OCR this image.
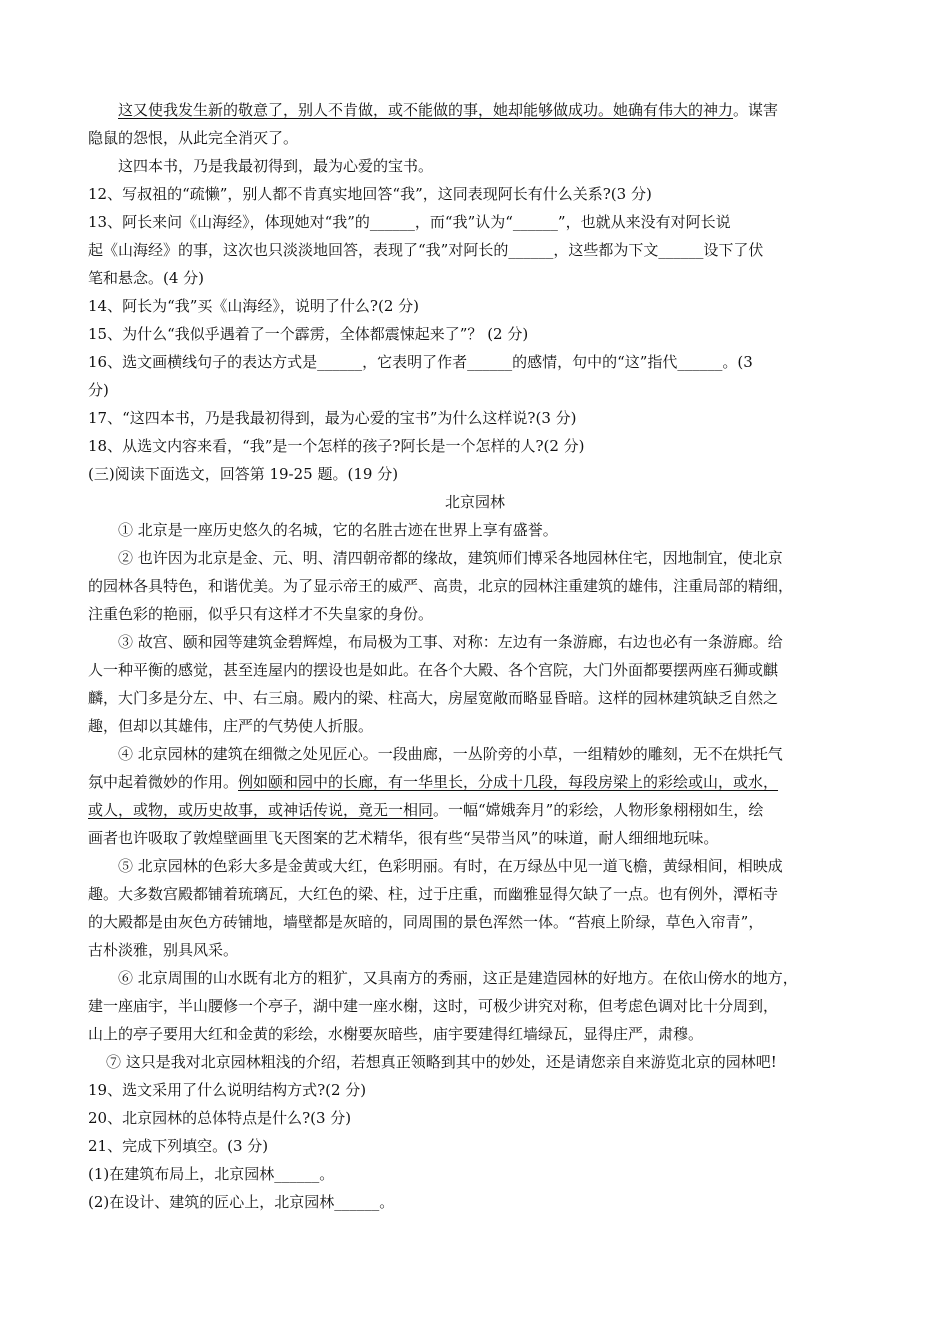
这又使我发生新的敬意了，别人不肯做，或不能做的事，她却能够做成功。她确有伟大的神力。谋害
隐鼠的怨恨，从此完全消灭了。
这四本书，乃是我最初得到，最为心爱的宝书。
12、写叔祖的“疏懒”，别人都不肯真实地回答“我”，这同表现阿长有什么关系?(3 分)
13、阿长来问《山海经》，体现她对“我”的______，而“我”认为“______”，也就从来没有对阿长说
起《山海经》的事，这次也只淡淡地回答，表现了“我”对阿长的______，这些都为下文______设下了伏
笔和悬念。(4 分)
14、阿长为“我”买《山海经》，说明了什么?(2 分)
15、为什么“我似乎遇着了一个霹雳，全体都震悚起来了”？ (2 分)
16、选文画横线句子的表达方式是______，它表明了作者______的感情，句中的“这”指代______。(3
分)
17、“这四本书，乃是我最初得到，最为心爱的宝书”为什么这样说?(3 分)
18、从选文内容来看，“我”是一个怎样的孩子?阿长是一个怎样的人?(2 分)
(三)阅读下面选文，回答第 19-25 题。(19 分)
北京园林
① 北京是一座历史悠久的名城，它的名胜古迹在世界上享有盛誉。
② 也许因为北京是金、元、明、清四朝帝都的缘故，建筑师们博采各地园林住宅，因地制宜，使北京
的园林各具特色，和谐优美。为了显示帝王的威严、高贵，北京的园林注重建筑的雄伟，注重局部的精细，
注重色彩的艳丽，似乎只有这样才不失皇家的身份。
③ 故宫、颐和园等建筑金碧辉煌，布局极为工事、对称：左边有一条游廊，右边也必有一条游廊。给
人一种平衡的感觉，甚至连屋内的摆设也是如此。在各个大殿、各个宫院，大门外面都要摆两座石狮或麒
麟，大门多是分左、中、右三扇。殿内的梁、柱高大，房屋宽敞而略显昏暗。这样的园林建筑缺乏自然之
趣，但却以其雄伟，庄严的气势使人折服。
④ 北京园林的建筑在细微之处见匠心。一段曲廊，一丛阶旁的小草，一组精妙的雕刻，无不在烘托气
氛中起着微妙的作用。例如颐和园中的长廊，有一华里长，分成十几段，每段房梁上的彩绘或山，或水，
或人，或物，或历史故事，或神话传说，竟无一相同。一幅“嫦娥奔月”的彩绘，人物形象栩栩如生，绘
画者也许吸取了敦煌壁画里飞天图案的艺术精华，很有些“吴带当风”的味道，耐人细细地玩味。
⑤ 北京园林的色彩大多是金黄或大红，色彩明丽。有时，在万绿丛中见一道飞檐，黄绿相间，相映成
趣。大多数宫殿都铺着琉璃瓦，大红色的梁、柱，过于庄重，而幽雅显得欠缺了一点。也有例外，潭柘寺
的大殿都是由灰色方砖铺地，墙壁都是灰暗的，同周围的景色浑然一体。“苔痕上阶绿，草色入帘青”，
古朴淡雅，别具风采。
⑥ 北京周围的山水既有北方的粗犷，又具南方的秀丽，这正是建造园林的好地方。在依山傍水的地方，
建一座庙宇，半山腰修一个亭子，湖中建一座水榭，这时，可极少讲究对称，但考虑色调对比十分周到，
山上的亭子要用大红和金黄的彩绘，水榭要灰暗些，庙宇要建得红墙绿瓦，显得庄严，肃穆。
⑦ 这只是我对北京园林粗浅的介绍，若想真正领略到其中的妙处，还是请您亲自来游览北京的园林吧!
19、选文采用了什么说明结构方式?(2 分)
20、北京园林的总体特点是什么?(3 分)
21、完成下列填空。(3 分)
(1)在建筑布局上，北京园林______。
(2)在设计、建筑的匠心上，北京园林______。
